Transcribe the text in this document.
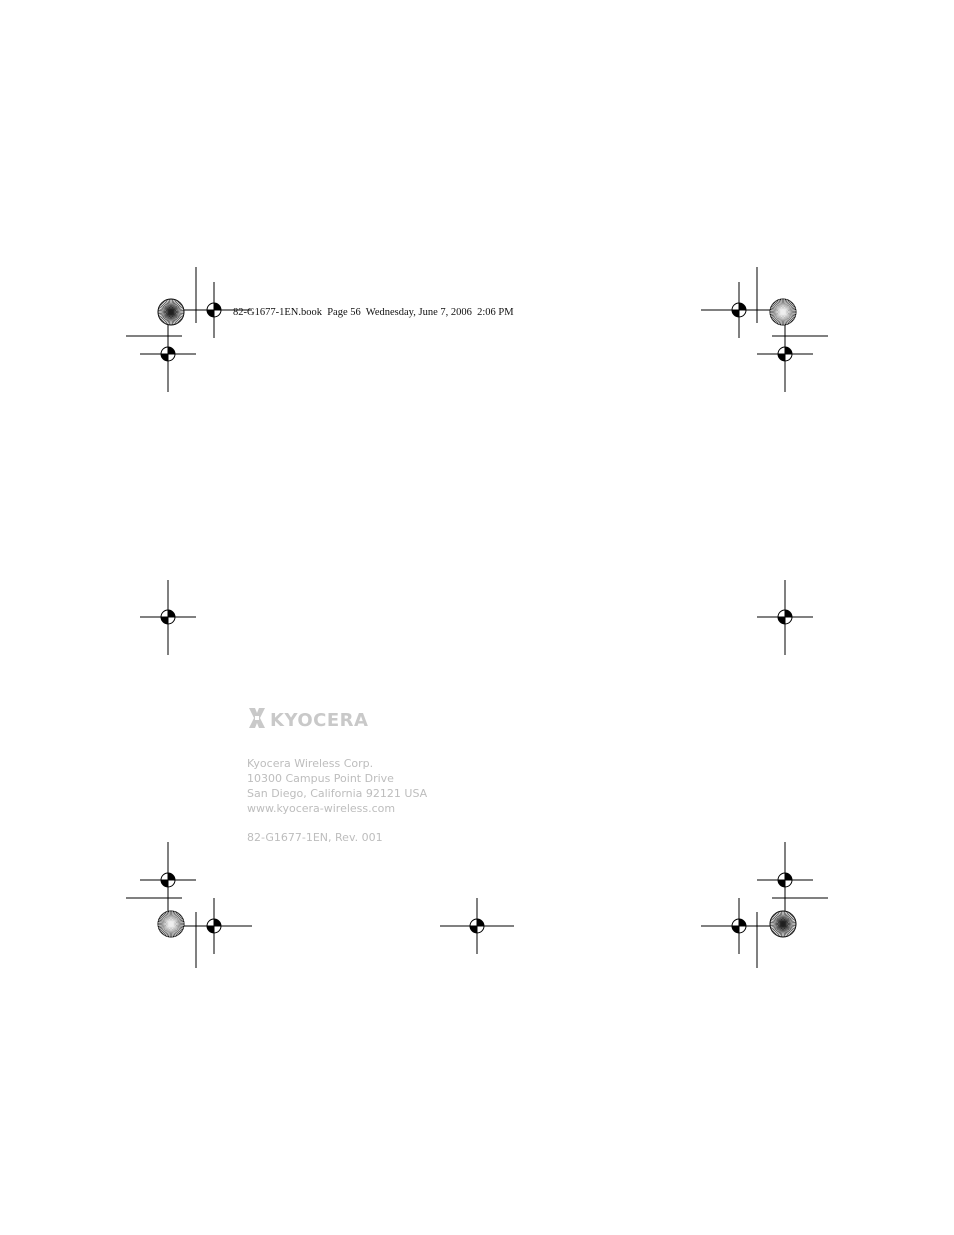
82-G1677-1EN.book  Page 56  Wednesday, June 7, 2006  2:06 PM
KYOCERA
Kyocera Wireless Corp.
10300 Campus Point Drive
San Diego, California 92121 USA
www.kyocera-wireless.com
82-G1677-1EN, Rev. 001
